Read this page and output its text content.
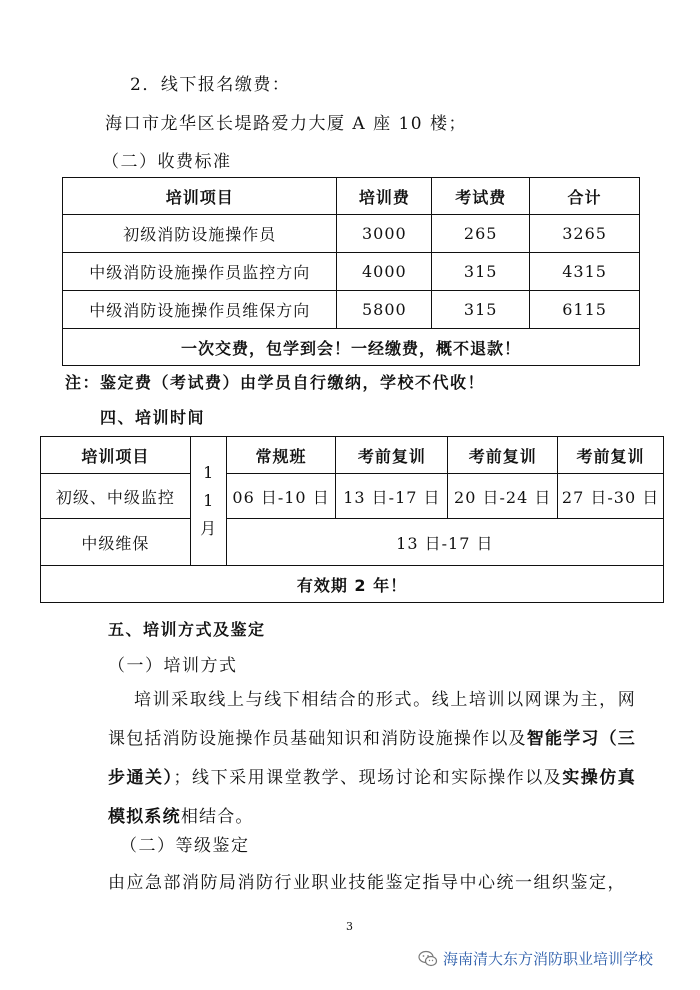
2．线下报名缴费：
海口市龙华区长堤路爱力大厦 A 座 10 楼；
（二）收费标准
培训项目	培训费	考试费	合计
初级消防设施操作员	3000	265	3265
中级消防设施操作员监控方向	4000	315	4315
中级消防设施操作员维保方向	5800	315	6115
一次交费，包学到会！一经缴费，概不退款！			
注：鉴定费（考试费）由学员自行缴纳，学校不代收！
四、培训时间
培训项目	11月	常规班	考前复训	考前复训	考前复训
初级、中级监控		06 日-10 日	13 日-17 日	20 日-24 日	27 日-30 日
中级维保		13 日-17 日			
有效期 2 年！					
五、培训方式及鉴定
（一）培训方式
培训采取线上与线下相结合的形式。线上培训以网课为主，网课包括消防设施操作员基础知识和消防设施操作以及智能学习（三步通关）；线下采用课堂教学、现场讨论和实际操作以及实操仿真模拟系统相结合。
（二）等级鉴定
由应急部消防局消防行业职业技能鉴定指导中心统一组织鉴定，
3
海南清大东方消防职业培训学校
